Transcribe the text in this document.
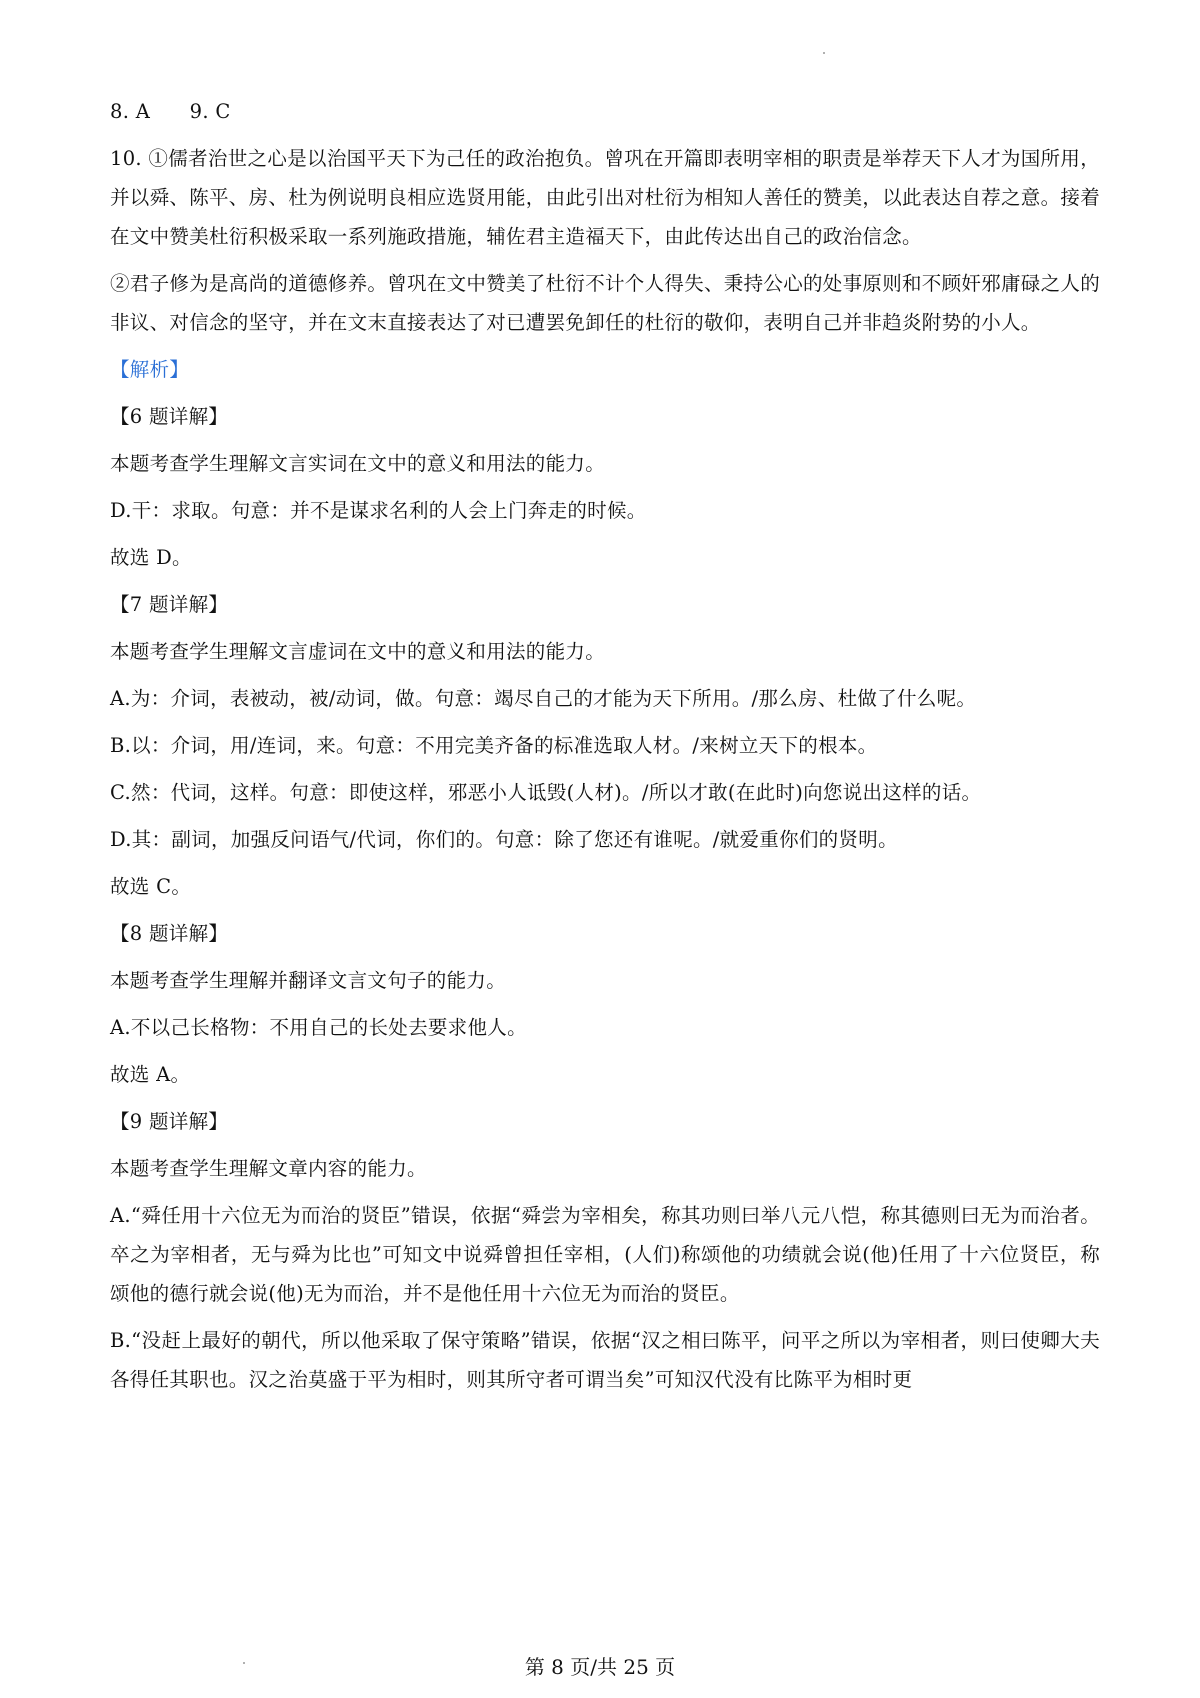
8. A　　9. C

10. ①儒者治世之心是以治国平天下为己任的政治抱负。曾巩在开篇即表明宰相的职责是举荐天下人才为国所用，并以舜、陈平、房、杜为例说明良相应选贤用能，由此引出对杜衍为相知人善任的赞美，以此表达自荐之意。接着在文中赞美杜衍积极采取一系列施政措施，辅佐君主造福天下，由此传达出自己的政治信念。

②君子修为是高尚的道德修养。曾巩在文中赞美了杜衍不计个人得失、秉持公心的处事原则和不顾奸邪庸碌之人的非议、对信念的坚守，并在文末直接表达了对已遭罢免卸任的杜衍的敬仰，表明自己并非趋炎附势的小人。

【解析】

【6 题详解】

本题考查学生理解文言实词在文中的意义和用法的能力。

D.干：求取。句意：并不是谋求名利的人会上门奔走的时候。

故选 D。

【7 题详解】

本题考查学生理解文言虚词在文中的意义和用法的能力。

A.为：介词，表被动，被/动词，做。句意：竭尽自己的才能为天下所用。/那么房、杜做了什么呢。

B.以：介词，用/连词，来。句意：不用完美齐备的标准选取人材。/来树立天下的根本。

C.然：代词，这样。句意：即使这样，邪恶小人诋毁(人材)。/所以才敢(在此时)向您说出这样的话。

D.其：副词，加强反问语气/代词，你们的。句意：除了您还有谁呢。/就爱重你们的贤明。

故选 C。

【8 题详解】

本题考查学生理解并翻译文言文句子的能力。

A.不以己长格物：不用自己的长处去要求他人。

故选 A。

【9 题详解】

本题考查学生理解文章内容的能力。

A.“舜任用十六位无为而治的贤臣”错误，依据“舜尝为宰相矣，称其功则曰举八元八恺，称其德则曰无为而治者。卒之为宰相者，无与舜为比也”可知文中说舜曾担任宰相，(人们)称颂他的功绩就会说(他)任用了十六位贤臣，称颂他的德行就会说(他)无为而治，并不是他任用十六位无为而治的贤臣。

B.“没赶上最好的朝代，所以他采取了保守策略”错误，依据“汉之相曰陈平，问平之所以为宰相者，则曰使卿大夫各得任其职也。汉之治莫盛于平为相时，则其所守者可谓当矣”可知汉代没有比陈平为相时更

第 8 页/共 25 页
